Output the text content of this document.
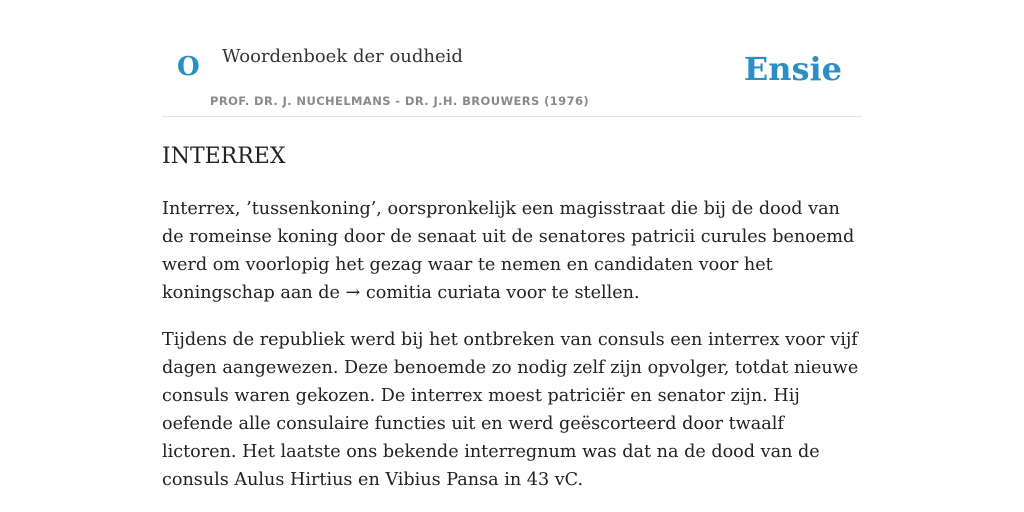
O Woordenboek der oudheid
PROF. DR. J. NUCHELMANS - DR. J.H. BROUWERS (1976)
Ensie
INTERREX

Interrex, ’tussenkoning’, oorspronkelijk een magisstraat die bij de dood van de romeinse koning door de senaat uit de senatores patricii curules benoemd werd om voorlopig het gezag waar te nemen en candidaten voor het koningschap aan de → comitia curiata voor te stellen.

Tijdens de republiek werd bij het ontbreken van consuls een interrex voor vijf dagen aangewezen. Deze benoemde zo nodig zelf zijn opvolger, totdat nieuwe consuls waren gekozen. De interrex moest patriciër en senator zijn. Hij oefende alle consulaire functies uit en werd geëscorteerd door twaalf lictoren. Het laatste ons bekende interregnum was dat na de dood van de consuls Aulus Hirtius en Vibius Pansa in 43 vC.
